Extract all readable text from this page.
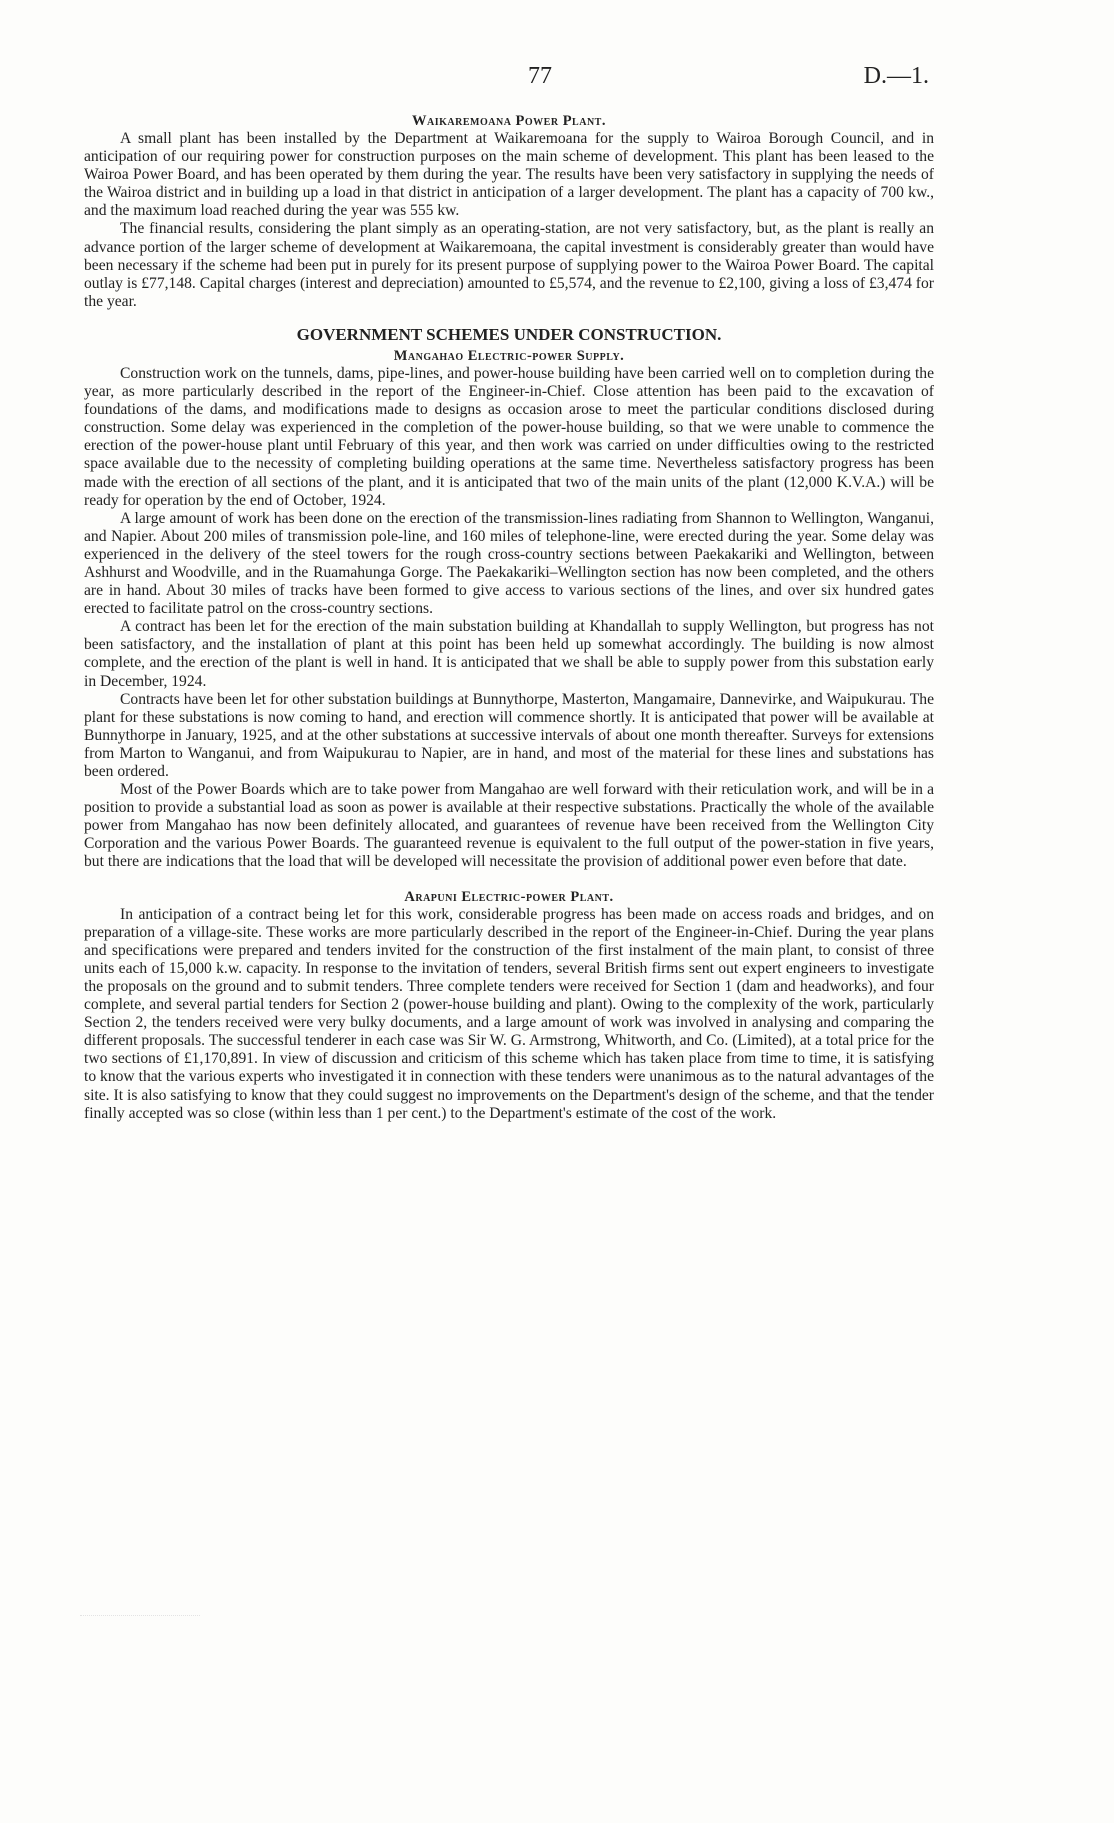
77	D.—1.
Waikaremoana Power Plant.

A small plant has been installed by the Department at Waikaremoana for the supply to Wairoa Borough Council, and in anticipation of our requiring power for construction purposes on the main scheme of development. This plant has been leased to the Wairoa Power Board, and has been operated by them during the year. The results have been very satisfactory in supplying the needs of the Wairoa district and in building up a load in that district in anticipation of a larger development. The plant has a capacity of 700 kw., and the maximum load reached during the year was 555 kw.

The financial results, considering the plant simply as an operating-station, are not very satisfactory, but, as the plant is really an advance portion of the larger scheme of development at Waikaremoana, the capital investment is considerably greater than would have been necessary if the scheme had been put in purely for its present purpose of supplying power to the Wairoa Power Board. The capital outlay is £77,148. Capital charges (interest and depreciation) amounted to £5,574, and the revenue to £2,100, giving a loss of £3,474 for the year.

GOVERNMENT SCHEMES UNDER CONSTRUCTION.
Mangahao Electric-power Supply.

Construction work on the tunnels, dams, pipe-lines, and power-house building have been carried well on to completion during the year, as more particularly described in the report of the Engineer-in-Chief. Close attention has been paid to the excavation of foundations of the dams, and modifications made to designs as occasion arose to meet the particular conditions disclosed during construction. Some delay was experienced in the completion of the power-house building, so that we were unable to commence the erection of the power-house plant until February of this year, and then work was carried on under difficulties owing to the restricted space available due to the necessity of completing building operations at the same time. Nevertheless satisfactory progress has been made with the erection of all sections of the plant, and it is anticipated that two of the main units of the plant (12,000 K.V.A.) will be ready for operation by the end of October, 1924.

A large amount of work has been done on the erection of the transmission-lines radiating from Shannon to Wellington, Wanganui, and Napier. About 200 miles of transmission pole-line, and 160 miles of telephone-line, were erected during the year. Some delay was experienced in the delivery of the steel towers for the rough cross-country sections between Paekakariki and Wellington, between Ashhurst and Woodville, and in the Ruamahunga Gorge. The Paekakariki–Wellington section has now been completed, and the others are in hand. About 30 miles of tracks have been formed to give access to various sections of the lines, and over six hundred gates erected to facilitate patrol on the cross-country sections.

A contract has been let for the erection of the main substation building at Khandallah to supply Wellington, but progress has not been satisfactory, and the installation of plant at this point has been held up somewhat accordingly. The building is now almost complete, and the erection of the plant is well in hand. It is anticipated that we shall be able to supply power from this substation early in December, 1924.

Contracts have been let for other substation buildings at Bunnythorpe, Masterton, Mangamaire, Dannevirke, and Waipukurau. The plant for these substations is now coming to hand, and erection will commence shortly. It is anticipated that power will be available at Bunnythorpe in January, 1925, and at the other substations at successive intervals of about one month thereafter. Surveys for extensions from Marton to Wanganui, and from Waipukurau to Napier, are in hand, and most of the material for these lines and substations has been ordered.

Most of the Power Boards which are to take power from Mangahao are well forward with their reticulation work, and will be in a position to provide a substantial load as soon as power is available at their respective substations. Practically the whole of the available power from Mangahao has now been definitely allocated, and guarantees of revenue have been received from the Wellington City Corporation and the various Power Boards. The guaranteed revenue is equivalent to the full output of the power-station in five years, but there are indications that the load that will be developed will necessitate the provision of additional power even before that date.

Arapuni Electric-power Plant.

In anticipation of a contract being let for this work, considerable progress has been made on access roads and bridges, and on preparation of a village-site. These works are more particularly described in the report of the Engineer-in-Chief. During the year plans and specifications were prepared and tenders invited for the construction of the first instalment of the main plant, to consist of three units each of 15,000 k.w. capacity. In response to the invitation of tenders, several British firms sent out expert engineers to investigate the proposals on the ground and to submit tenders. Three complete tenders were received for Section 1 (dam and headworks), and four complete, and several partial tenders for Section 2 (power-house building and plant). Owing to the complexity of the work, particularly Section 2, the tenders received were very bulky documents, and a large amount of work was involved in analysing and comparing the different proposals. The successful tenderer in each case was Sir W. G. Armstrong, Whitworth, and Co. (Limited), at a total price for the two sections of £1,170,891. In view of discussion and criticism of this scheme which has taken place from time to time, it is satisfying to know that the various experts who investigated it in connection with these tenders were unanimous as to the natural advantages of the site. It is also satisfying to know that they could suggest no improvements on the Department's design of the scheme, and that the tender finally accepted was so close (within less than 1 per cent.) to the Department's estimate of the cost of the work.
